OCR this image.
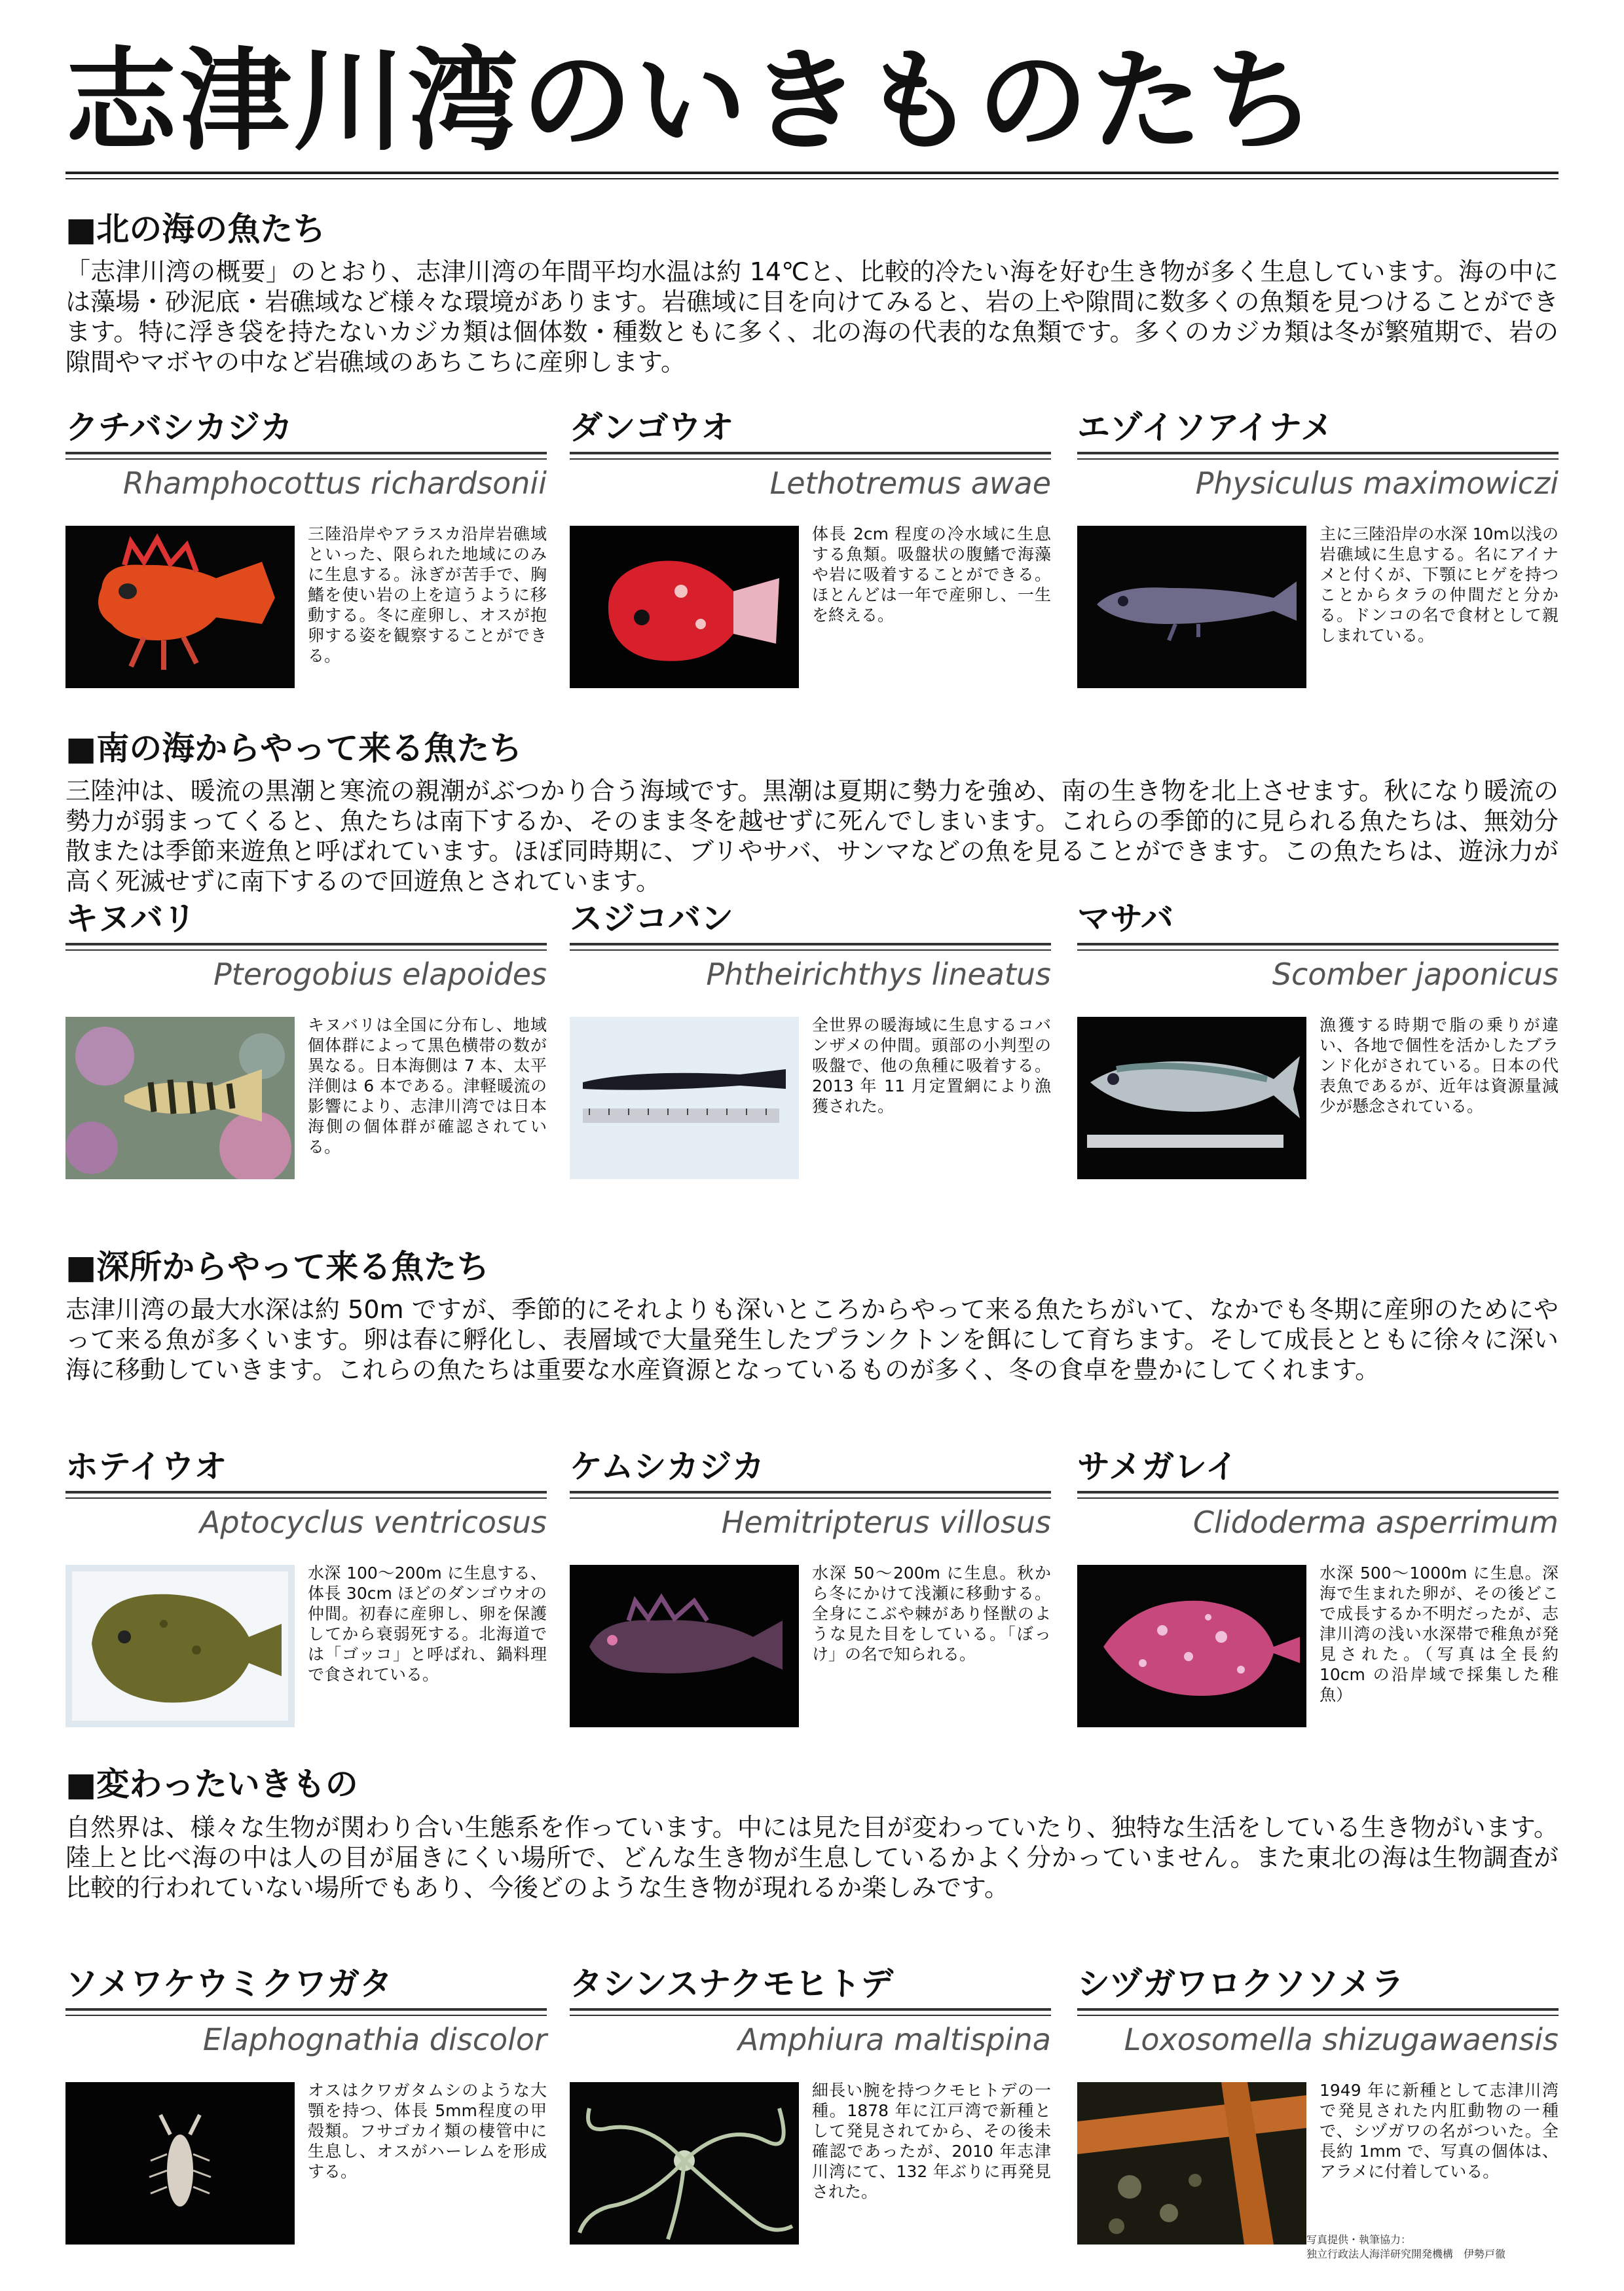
志津川湾のいきものたち
■北の海の魚たち
「志津川湾の概要」のとおり、志津川湾の年間平均水温は約 14℃と、比較的冷たい海を好む生き物が多く生息しています。海の中には藻場・砂泥底・岩礁域など様々な環境があります。岩礁域に目を向けてみると、岩の上や隙間に数多くの魚類を見つけることができます。特に浮き袋を持たないカジカ類は個体数・種数ともに多く、北の海の代表的な魚類です。多くのカジカ類は冬が繁殖期で、岩の隙間やマボヤの中など岩礁域のあちこちに産卵します。
クチバシカジカ
Rhamphocottus richardsonii
三陸沿岸やアラスカ沿岸岩礁域といった、限られた地域にのみに生息する。泳ぎが苦手で、胸鰭を使い岩の上を這うように移動する。冬に産卵し、オスが抱卵する姿を観察することができる。
ダンゴウオ
Lethotremus awae
体長 2cm 程度の冷水域に生息する魚類。吸盤状の腹鰭で海藻や岩に吸着することができる。ほとんどは一年で産卵し、一生を終える。
エゾイソアイナメ
Physiculus maximowiczi
主に三陸沿岸の水深 10m以浅の岩礁域に生息する。名にアイナメと付くが、下顎にヒゲを持つことからタラの仲間だと分かる。ドンコの名で食材として親しまれている。
■南の海からやって来る魚たち
三陸沖は、暖流の黒潮と寒流の親潮がぶつかり合う海域です。黒潮は夏期に勢力を強め、南の生き物を北上させます。秋になり暖流の勢力が弱まってくると、魚たちは南下するか、そのまま冬を越せずに死んでしまいます。これらの季節的に見られる魚たちは、無効分散または季節来遊魚と呼ばれています。ほぼ同時期に、ブリやサバ、サンマなどの魚を見ることができます。この魚たちは、遊泳力が高く死滅せずに南下するので回遊魚とされています。
キヌバリ
Pterogobius elapoides
キヌバリは全国に分布し、地域個体群によって黒色横帯の数が異なる。日本海側は 7 本、太平洋側は 6 本である。津軽暖流の影響により、志津川湾では日本海側の個体群が確認されている。
スジコバン
Phtheirichthys lineatus
全世界の暖海域に生息するコバンザメの仲間。頭部の小判型の吸盤で、他の魚種に吸着する。2013 年 11 月定置網により漁獲された。
マサバ
Scomber japonicus
漁獲する時期で脂の乗りが違い、各地で個性を活かしたブランド化がされている。日本の代表魚であるが、近年は資源量減少が懸念されている。
■深所からやって来る魚たち
志津川湾の最大水深は約 50m ですが、季節的にそれよりも深いところからやって来る魚たちがいて、なかでも冬期に産卵のためにやって来る魚が多くいます。卵は春に孵化し、表層域で大量発生したプランクトンを餌にして育ちます。そして成長とともに徐々に深い海に移動していきます。これらの魚たちは重要な水産資源となっているものが多く、冬の食卓を豊かにしてくれます。
ホテイウオ
Aptocyclus ventricosus
水深 100〜200m に生息する、体長 30cm ほどのダンゴウオの仲間。初春に産卵し、卵を保護してから衰弱死する。北海道では「ゴッコ」と呼ばれ、鍋料理で食されている。
ケムシカジカ
Hemitripterus villosus
水深 50〜200m に生息。秋から冬にかけて浅瀬に移動する。全身にこぶや棘があり怪獣のような見た目をしている。「ぼっけ」の名で知られる。
サメガレイ
Clidoderma asperrimum
水深 500〜1000m に生息。深海で生まれた卵が、その後どこで成長するか不明だったが、志津川湾の浅い水深帯で稚魚が発見された。（写真は全長約 10cm の沿岸域で採集した稚魚）
■変わったいきもの
自然界は、様々な生物が関わり合い生態系を作っています。中には見た目が変わっていたり、独特な生活をしている生き物がいます。陸上と比べ海の中は人の目が届きにくい場所で、どんな生き物が生息しているかよく分かっていません。また東北の海は生物調査が比較的行われていない場所でもあり、今後どのような生き物が現れるか楽しみです。
ソメワケウミクワガタ
Elaphognathia discolor
オスはクワガタムシのような大顎を持つ、体長 5mm程度の甲殻類。フサゴカイ類の棲管中に生息し、オスがハーレムを形成する。
タシンスナクモヒトデ
Amphiura maltispina
細長い腕を持つクモヒトデの一種。1878 年に江戸湾で新種として発見されてから、その後未確認であったが、2010 年志津川湾にて、132 年ぶりに再発見された。
シヅガワロクソソメラ
Loxosomella shizugawaensis
1949 年に新種として志津川湾で発見された内肛動物の一種で、シヅガワの名がついた。全長約 1mm で、写真の個体は、アラメに付着している。
写真提供・執筆協力：
独立行政法人海洋研究開発機構　伊勢戸徹
